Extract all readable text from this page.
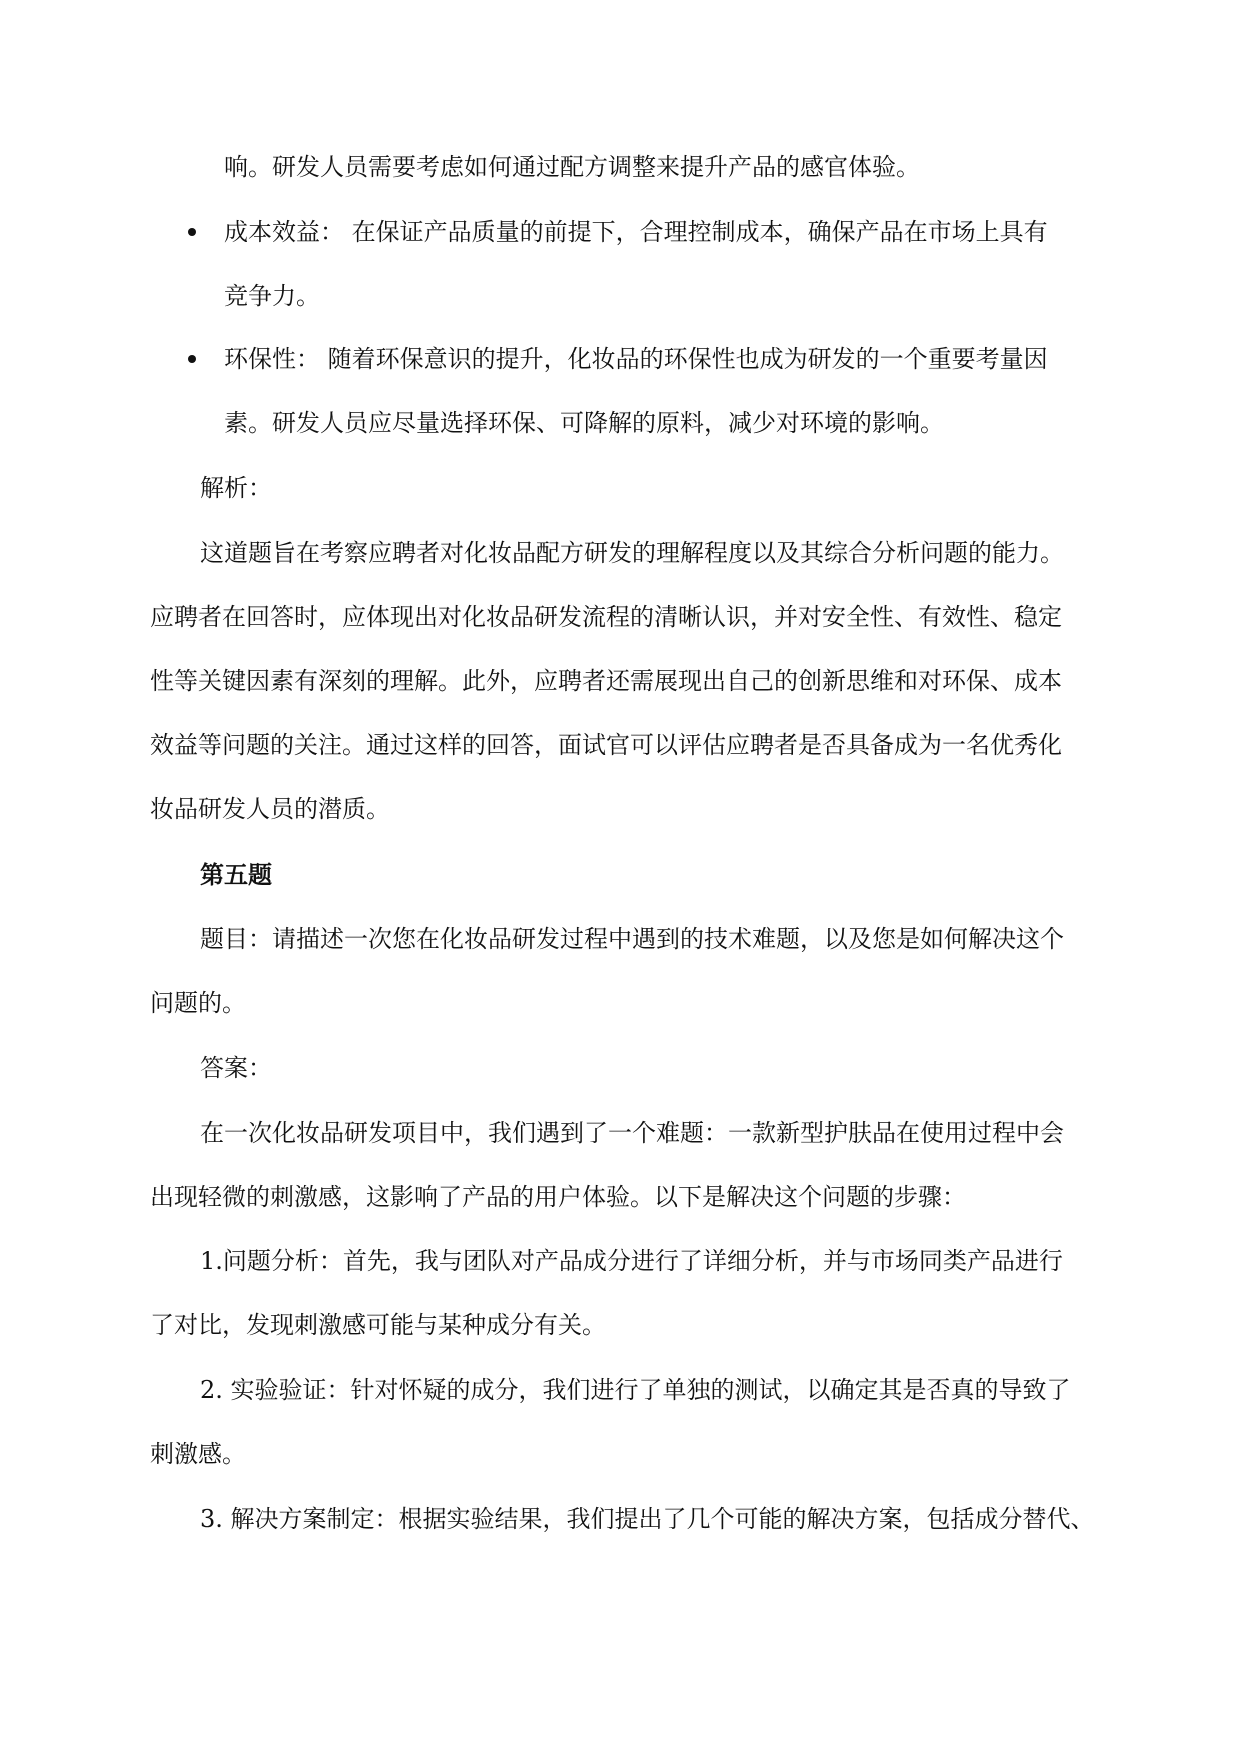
响。研发人员需要考虑如何通过配方调整来提升产品的感官体验。

成本效益： 在保证产品质量的前提下，合理控制成本，确保产品在市场上具有

竞争力。

环保性： 随着环保意识的提升，化妆品的环保性也成为研发的一个重要考量因

素。研发人员应尽量选择环保、可降解的原料，减少对环境的影响。

解析：

这道题旨在考察应聘者对化妆品配方研发的理解程度以及其综合分析问题的能力。

应聘者在回答时，应体现出对化妆品研发流程的清晰认识，并对安全性、有效性、稳定

性等关键因素有深刻的理解。此外，应聘者还需展现出自己的创新思维和对环保、成本

效益等问题的关注。通过这样的回答，面试官可以评估应聘者是否具备成为一名优秀化

妆品研发人员的潜质。

第五题

题目：请描述一次您在化妆品研发过程中遇到的技术难题，以及您是如何解决这个

问题的。

答案：

在一次化妆品研发项目中，我们遇到了一个难题：一款新型护肤品在使用过程中会

出现轻微的刺激感，这影响了产品的用户体验。以下是解决这个问题的步骤：

1.问题分析：首先，我与团队对产品成分进行了详细分析，并与市场同类产品进行

了对比，发现刺激感可能与某种成分有关。

2. 实验验证：针对怀疑的成分，我们进行了单独的测试，以确定其是否真的导致了

刺激感。

3. 解决方案制定：根据实验结果，我们提出了几个可能的解决方案，包括成分替代、
